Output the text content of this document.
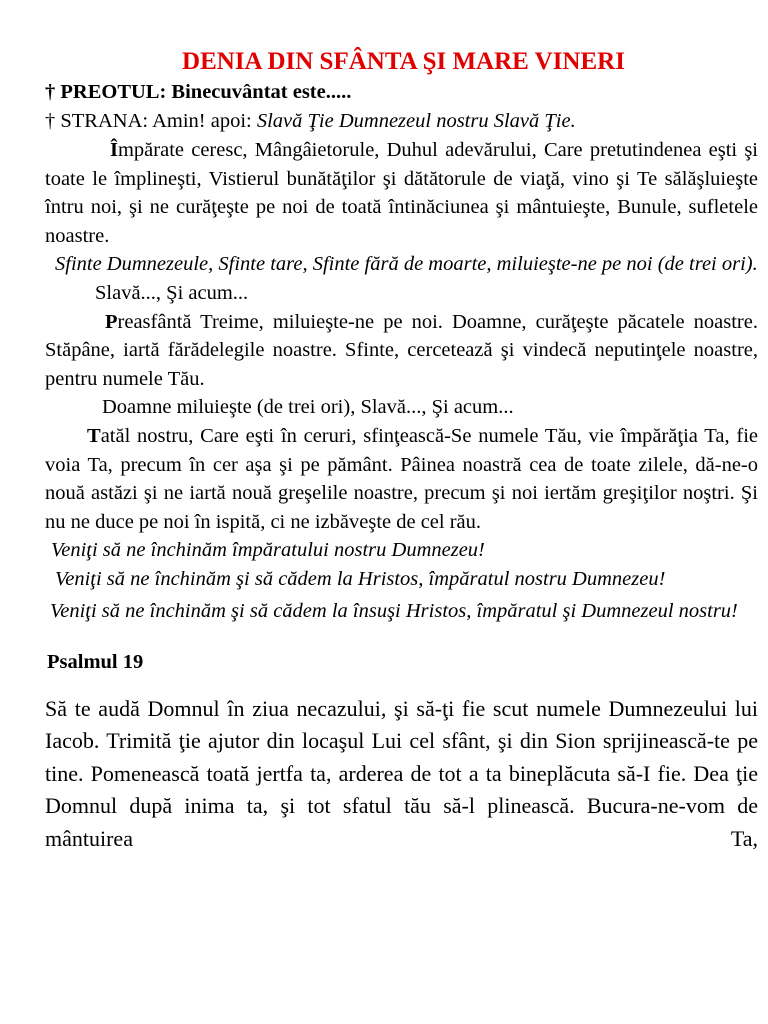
DENIA DIN SFÂNTA ŞI MARE VINERI
† PREOTUL: Binecuvântat este.....
† STRANA: Amin! apoi: Slavă Ţie Dumnezeul nostru Slavă Ţie.
Împărate ceresc, Mângâietorule, Duhul adevărului, Care pretutindenea eşti şi toate le împlineşti, Vistierul bunătăţilor şi dătătorule de viaţă, vino şi Te sălăşluieşte întru noi, şi ne curăţeşte pe noi de toată întinăciunea şi mântuieşte, Bunule, sufletele noastre.
Sfinte Dumnezeule, Sfinte tare, Sfinte fără de moarte, miluieşte-ne pe noi (de trei ori).
Slavă..., Şi acum...
Preasfântă Treime, miluieşte-ne pe noi. Doamne, curăţeşte păcatele noastre. Stăpâne, iartă fărădelegile noastre. Sfinte, cercetează şi vindecă neputinţele noastre, pentru numele Tău.
Doamne miluieşte (de trei ori), Slavă..., Şi acum...
Tatăl nostru, Care eşti în ceruri, sfinţească-Se numele Tău, vie împărăţia Ta, fie voia Ta, precum în cer aşa şi pe pământ. Pâinea noastră cea de toate zilele, dă-ne-o nouă astăzi şi ne iartă nouă greşelile noastre, precum şi noi iertăm greşiţilor noştri. Şi nu ne duce pe noi în ispită, ci ne izbăveşte de cel rău.
Veniţi să ne închinăm împăratului nostru Dumnezeu!
Veniţi să ne închinăm şi să cădem la Hristos, împăratul nostru Dumnezeu!
Veniţi să ne închinăm şi să cădem la însuşi Hristos, împăratul şi Dumnezeul nostru!
Psalmul 19
Să te audă Domnul în ziua necazului, şi să-ţi fie scut numele Dumnezeului lui Iacob. Trimită ţie ajutor din locaşul Lui cel sfânt, şi din Sion sprijinească-te pe tine. Pomenească toată jertfa ta, arderea de tot a ta bineplăcuta să-I fie. Dea ţie Domnul după inima ta, şi tot sfatul tău să-l plinească. Bucura-ne-vom de mântuirea Ta,
